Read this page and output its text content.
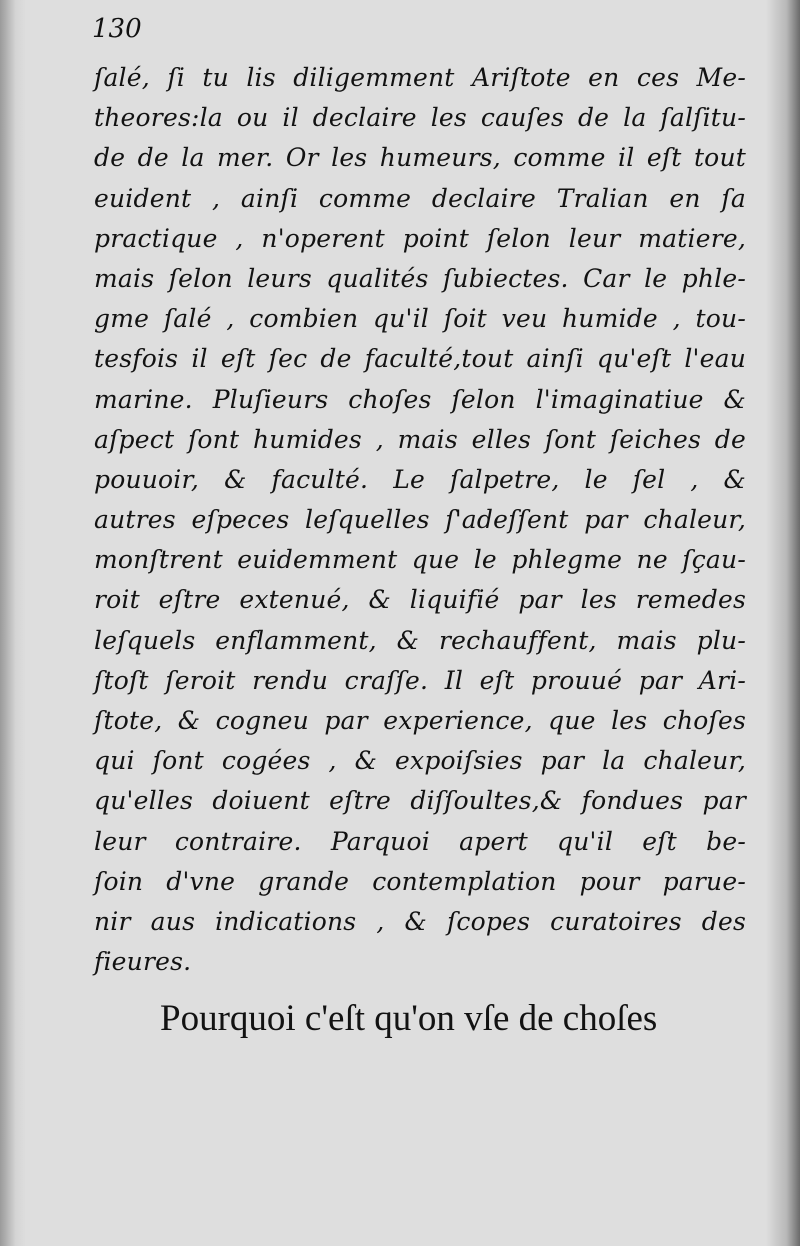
130
ſalé, ſi tu lis diligemment Ariſtote en ces Me-
theores:la ou il declaire les cauſes de la ſalſitu-
de de la mer. Or les humeurs, comme il eſt tout
euident , ainſi comme declaire Tralian en ſa
practique , n'operent point ſelon leur matiere,
mais ſelon leurs qualités ſubiectes. Car le phle-
gme ſalé , combien qu'il ſoit veu humide , tou-
tesfois il eſt ſec de faculté,tout ainſi qu'eſt l'eau
marine. Pluſieurs choſes ſelon l'imaginatiue &
aſpect ſont humides , mais elles ſont ſeiches de
pouuoir, & faculté. Le ſalpetre, le ſel , &
autres eſpeces leſquelles ſ'adeſſent par chaleur,
monſtrent euidemment que le phlegme ne ſçau-
roit eſtre extenué, & liquifié par les remedes
leſquels enflamment, & rechauffent, mais plu-
ſtoſt ſeroit rendu craſſe. Il eſt prouué par Ari-
ſtote, & cogneu par experience, que les choſes
qui ſont cogées , & expoiſsies par la chaleur,
qu'elles doiuent eſtre diſſoultes,& fondues par
leur contraire. Parquoi apert qu'il eſt be-
ſoin d'vne grande contemplation pour parue-
nir aus indications , & ſcopes curatoires des
fieures.
Pourquoi c'eſt qu'on vſe de choſes
